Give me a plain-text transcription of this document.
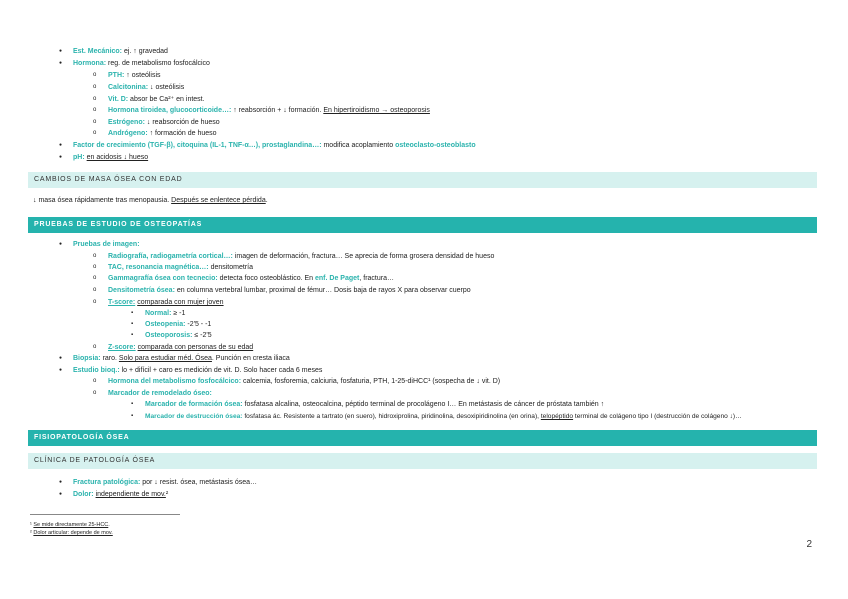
● Est. Mecánico: ej. ↑ gravedad
● Hormona: reg. de metabolismo fosfocálcico
o PTH: ↑ osteólisis
o Calcitonina: ↓ osteólisis
o Vit. D: absor be Ca²⁺ en intest.
o Hormona tiroidea, glucocorticoide…: ↑ reabsorción + ↓ formación. En hipertiroidismo → osteoporosis
o Estrógeno: ↓ reabsorción de hueso
o Andrógeno: ↑ formación de hueso
● Factor de crecimiento (TGF-β), citoquina (IL-1, TNF-α…), prostaglandina…: modifica acoplamiento osteoclasto-osteoblasto
● pH: en acidosis ↓ hueso
CAMBIOS DE MASA ÓSEA CON EDAD
↓ masa ósea rápidamente tras menopausia. Después se enlentece pérdida.
PRUEBAS DE ESTUDIO DE OSTEOPATÍAS
● Pruebas de imagen:
o Radiografía, radiogametría cortical…: imagen de deformación, fractura… Se aprecia de forma grosera densidad de hueso
o TAC, resonancia magnética…: densitometría
o Gammagrafía ósea con tecnecio: detecta foco osteoblástico. En enf. De Paget, fractura…
o Densitometría ósea: en columna vertebral lumbar, proximal de fémur… Dosis baja de rayos X para observar cuerpo
o T-score: comparada con mujer joven
▪ Normal: ≥ -1
▪ Osteopenia: -2'5 - -1
▪ Osteoporosis: ≤ -2'5
o Z-score: comparada con personas de su edad
● Biopsia: raro. Solo para estudiar méd. Ósea. Punción en cresta iliaca
● Estudio bioq.: lo + difícil + caro es medición de vit. D. Solo hacer cada 6 meses
o Hormona del metabolismo fosfocálcico: calcemia, fosforemia, calciuria, fosfaturia, PTH, 1-25-diHCC¹ (sospecha de ↓ vit. D)
o Marcador de remodelado óseo:
▪ Marcador de formación ósea: fosfatasa alcalina, osteocalcina, péptido terminal de procolágeno I… En metástasis de cáncer de próstata también ↑
▪ Marcador de destrucción ósea: fosfatasa ác. Resistente a tartrato (en suero), hidroxiprolina, piridinolina, desoxipiridinolina (en orina), telopéptido terminal de colágeno tipo I (destrucción de colágeno ↓)…
FISIOPATOLOGÍA ÓSEA
CLÍNICA DE PATOLOGÍA ÓSEA
● Fractura patológica: por ↓ resist. ósea, metástasis ósea…
● Dolor: independiente de mov.²
¹ Se mide directamente 25-HCC.
² Dolor articular: depende de mov.
2
